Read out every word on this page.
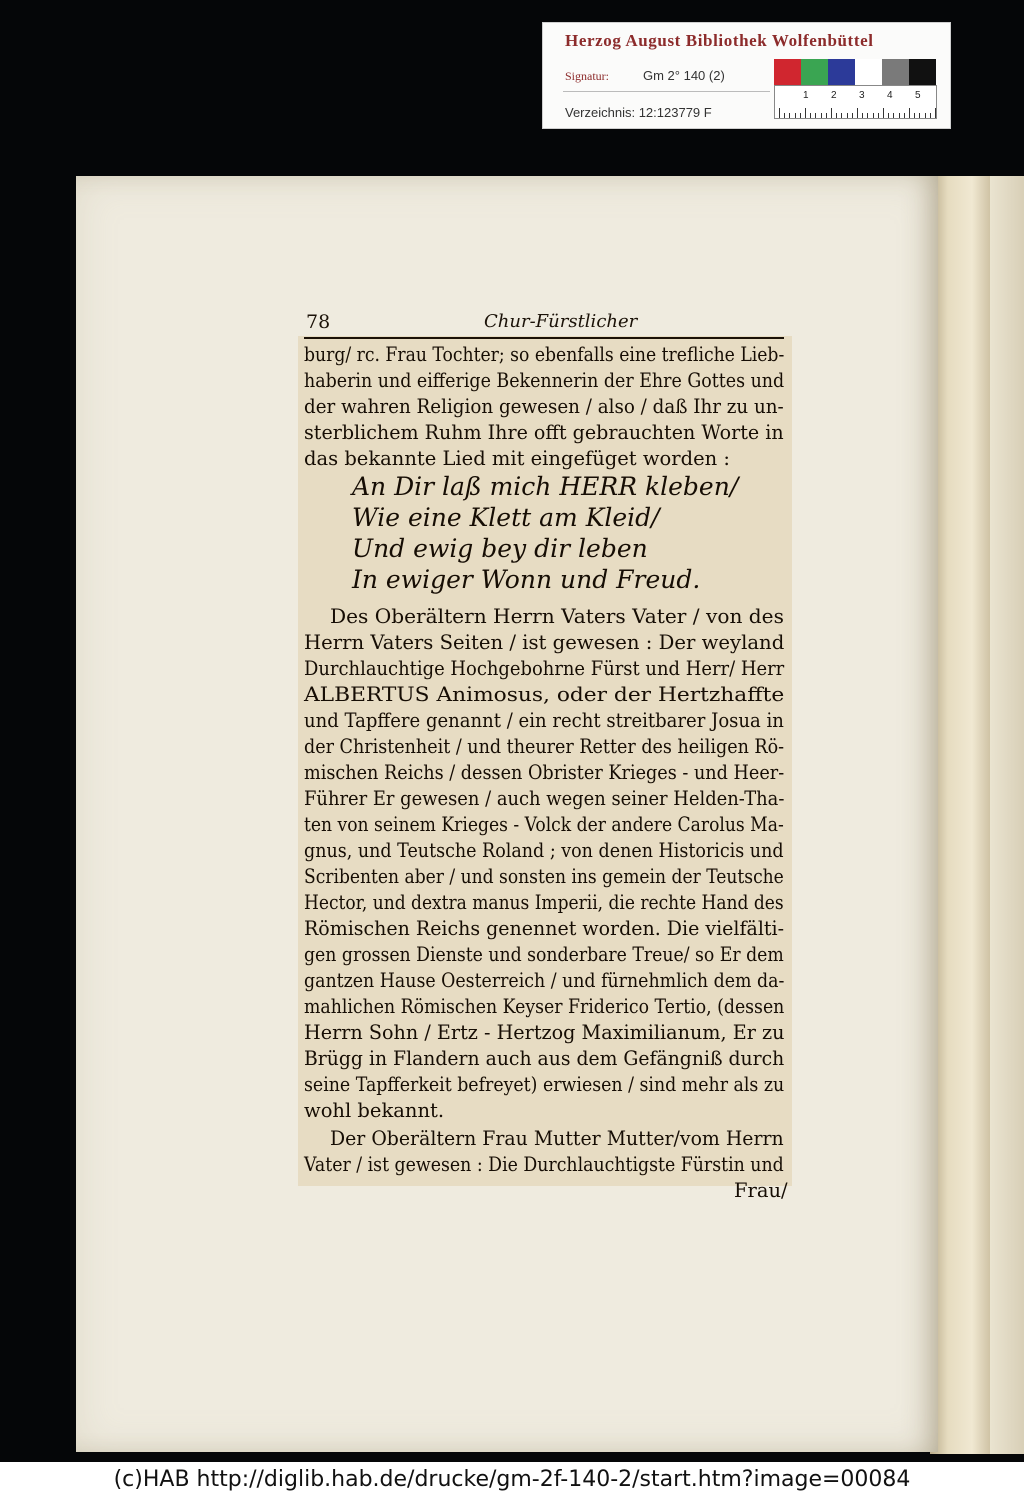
Herzog August Bibliothek Wolfenbüttel
Signatur:	Gm 2° 140 (2)
Verzeichnis: 12:123779 F
1 2 3 4 5
78	Chur-Fürstlicher
burg/ rc. Frau Tochter; so ebenfalls eine trefliche Lieb-
haberin und eifferige Bekennerin der Ehre Gottes und
der wahren Religion gewesen / also / daß Ihr zu un-
sterblichem Ruhm Ihre offt gebrauchten Worte in
das bekannte Lied mit eingefüget worden :
An Dir laß mich HERR kleben/
Wie eine Klett am Kleid/
Und ewig bey dir leben
In ewiger Wonn und Freud.
Des Oberältern Herrn Vaters Vater / von des
Herrn Vaters Seiten / ist gewesen : Der weyland
Durchlauchtige Hochgebohrne Fürst und Herr/ Herr
ALBERTUS Animosus, oder der Hertzhaffte
und Tapffere genannt / ein recht streitbarer Josua in
der Christenheit / und theurer Retter des heiligen Rö-
mischen Reichs / dessen Obrister Krieges - und Heer-
Führer Er gewesen / auch wegen seiner Helden-Tha-
ten von seinem Krieges - Volck der andere Carolus Ma-
gnus, und Teutsche Roland ; von denen Historicis und
Scribenten aber / und sonsten ins gemein der Teutsche
Hector, und dextra manus Imperii, die rechte Hand des
Römischen Reichs genennet worden. Die vielfälti-
gen grossen Dienste und sonderbare Treue/ so Er dem
gantzen Hause Oesterreich / und fürnehmlich dem da-
mahlichen Römischen Keyser Friderico Tertio, (dessen
Herrn Sohn / Ertz - Hertzog Maximilianum, Er zu
Brügg in Flandern auch aus dem Gefängniß durch
seine Tapfferkeit befreyet) erwiesen / sind mehr als zu
wohl bekannt.
Der Oberältern Frau Mutter Mutter/vom Herrn
Vater / ist gewesen : Die Durchlauchtigste Fürstin und
Frau/
(c)HAB http://diglib.hab.de/drucke/gm-2f-140-2/start.htm?image=00084
